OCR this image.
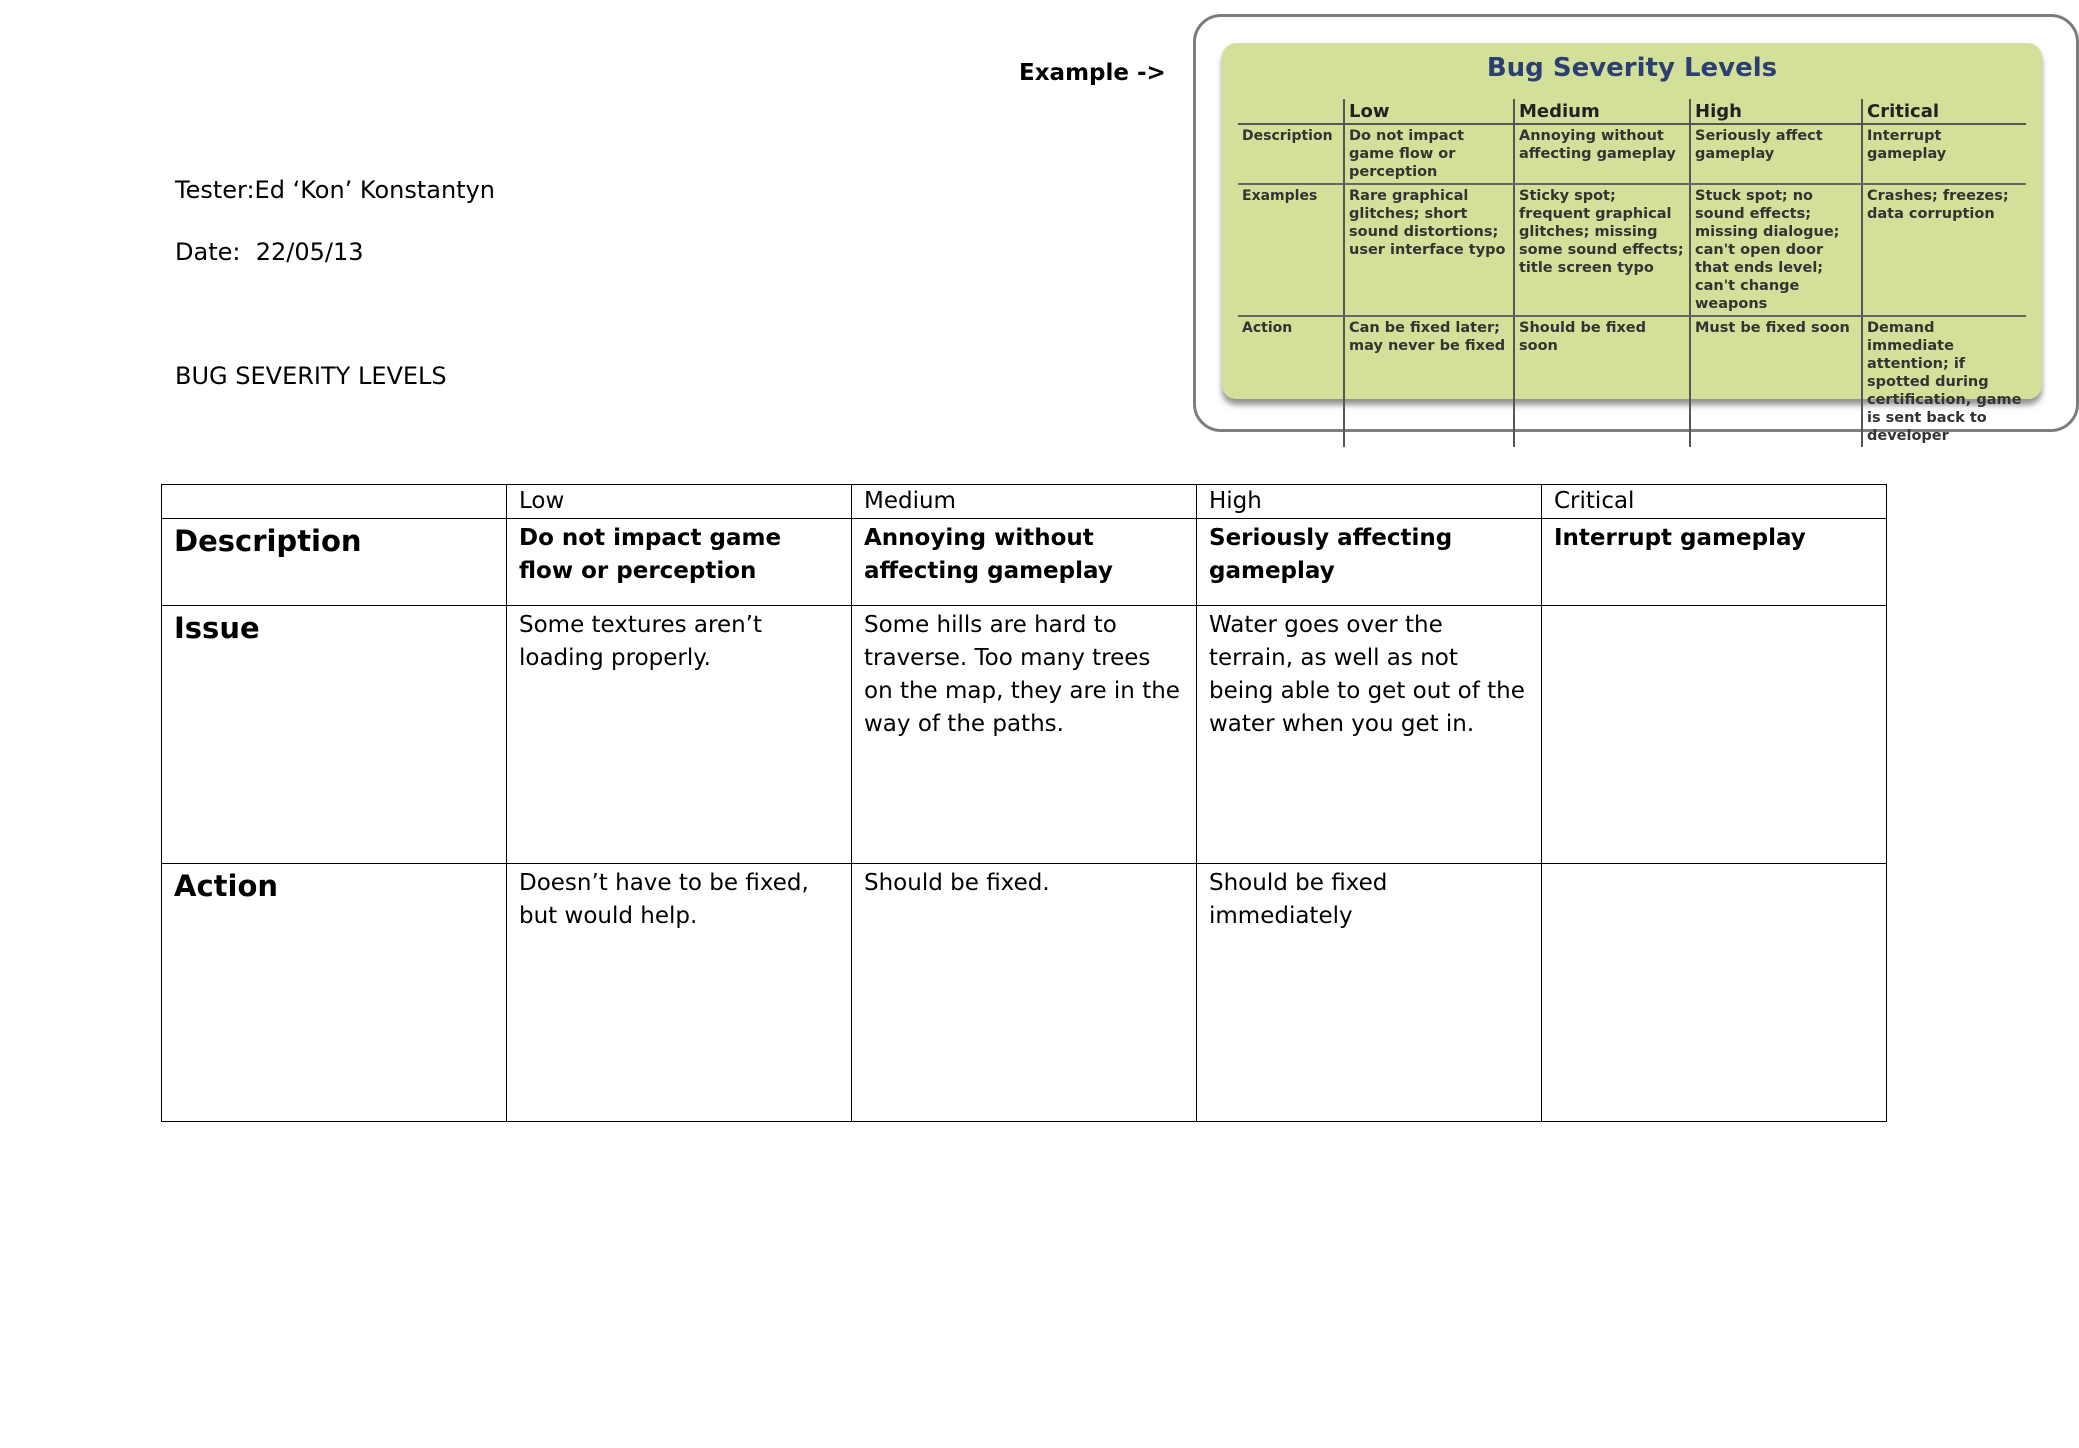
Example ->
Tester:Ed ‘Kon’ Konstantyn
Date:  22/05/13
BUG SEVERITY LEVELS
Bug Severity Levels
	Low	Medium	High	Critical
Description	Do not impact game flow or perception	Annoying without affecting gameplay	Seriously affect gameplay	Interrupt gameplay
Examples	Rare graphical glitches; short sound distortions; user interface typo	Sticky spot; frequent graphical glitches; missing some sound effects; title screen typo	Stuck spot; no sound effects; missing dialogue; can't open door that ends level; can't change weapons	Crashes; freezes; data corruption
Action	Can be fixed later; may never be fixed	Should be fixed soon	Must be fixed soon	Demand immediate attention; if spotted during certification, game is sent back to developer
	Low	Medium	High	Critical
Description	Do not impact game flow or perception	Annoying without affecting gameplay	Seriously affecting gameplay	Interrupt gameplay
Issue	Some textures aren’t loading properly.	Some hills are hard to traverse. Too many trees on the map, they are in the way of the paths.	Water goes over the terrain, as well as not being able to get out of the water when you get in.	
Action	Doesn’t have to be fixed, but would help.	Should be fixed.	Should be fixed immediately	
